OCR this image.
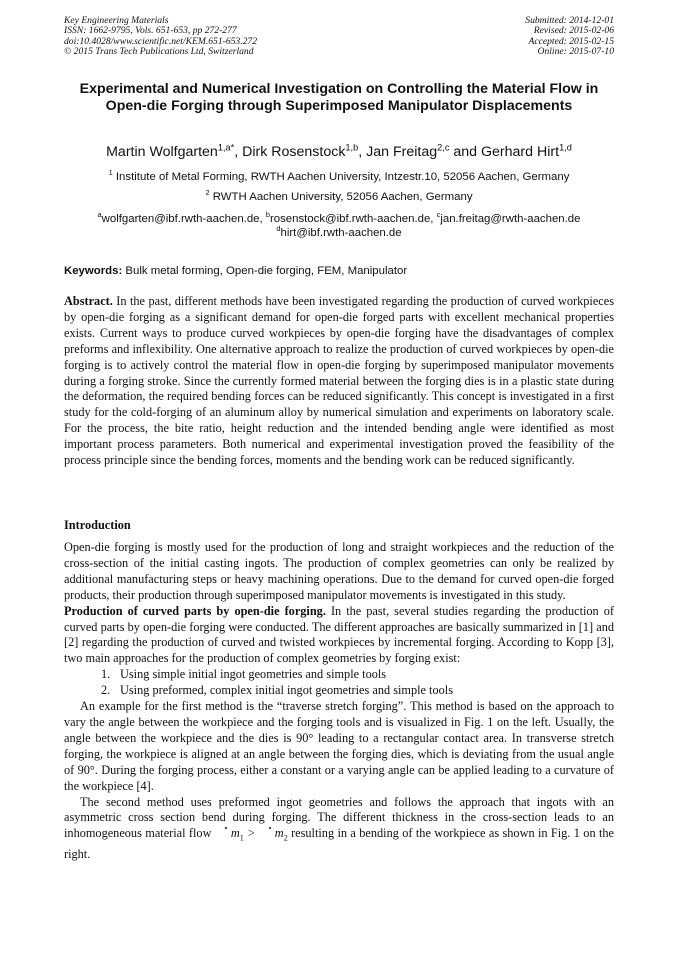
Key Engineering Materials
ISSN: 1662-9795, Vols. 651-653, pp 272-277
doi:10.4028/www.scientific.net/KEM.651-653.272
© 2015 Trans Tech Publications Ltd, Switzerland
Submitted: 2014-12-01
Revised: 2015-02-06
Accepted: 2015-02-15
Online: 2015-07-10
Experimental and Numerical Investigation on Controlling the Material Flow in Open-die Forging through Superimposed Manipulator Displacements
Martin Wolfgarten$^{1,a*}$, Dirk Rosenstock$^{1,b}$, Jan Freitag$^{2,c}$ and Gerhard Hirt$^{1,d}$
$^1$ Institute of Metal Forming, RWTH Aachen University, Intzestr.10, 52056 Aachen, Germany
$^2$ RWTH Aachen University, 52056 Aachen, Germany
$^a$wolfgarten@ibf.rwth-aachen.de, $^b$rosenstock@ibf.rwth-aachen.de, $^c$jan.freitag@rwth-aachen.de
$^d$hirt@ibf.rwth-aachen.de
Keywords: Bulk metal forming, Open-die forging, FEM, Manipulator
Abstract. In the past, different methods have been investigated regarding the production of curved workpieces by open-die forging as a significant demand for open-die forged parts with excellent mechanical properties exists. Current ways to produce curved workpieces by open-die forging have the disadvantages of complex preforms and inflexibility. One alternative approach to realize the production of curved workpieces by open-die forging is to actively control the material flow in open-die forging by superimposed manipulator movements during a forging stroke. Since the currently formed material between the forging dies is in a plastic state during the deformation, the required bending forces can be reduced significantly. This concept is investigated in a first study for the cold-forging of an aluminum alloy by numerical simulation and experiments on laboratory scale. For the process, the bite ratio, height reduction and the intended bending angle were identified as most important process parameters. Both numerical and experimental investigation proved the feasibility of the process principle since the bending forces, moments and the bending work can be reduced significantly.
Introduction

Open-die forging is mostly used for the production of long and straight workpieces and the reduction of the cross-section of the initial casting ingots. The production of complex geometries can only be realized by additional manufacturing steps or heavy machining operations. Due to the demand for curved open-die forged products, their production through superimposed manipulator movements is investigated in this study.

Production of curved parts by open-die forging. In the past, several studies regarding the production of curved parts by open-die forging were conducted. The different approaches are basically summarized in [1] and [2] regarding the production of curved and twisted workpieces by incremental forging. According to Kopp [3], two main approaches for the production of complex geometries by forging exist:

1. Using simple initial ingot geometries and simple tools
2. Using preformed, complex initial ingot geometries and simple tools

An example for the first method is the “traverse stretch forging”. This method is based on the approach to vary the angle between the workpiece and the forging tools and is visualized in Fig. 1 on the left. Usually, the angle between the workpiece and the dies is 90° leading to a rectangular contact area. In transverse stretch forging, the workpiece is aligned at an angle between the forging dies, which is deviating from the usual angle of 90°. During the forging process, either a constant or a varying angle can be applied leading to a curvature of the workpiece [4].

The second method uses preformed ingot geometries and follows the approach that ingots with an asymmetric cross section bend during forging. The different thickness in the cross-section leads to an inhomogeneous material flow $m_1 > m_2$ resulting in a bending of the workpiece as shown in Fig. 1 on the right.
